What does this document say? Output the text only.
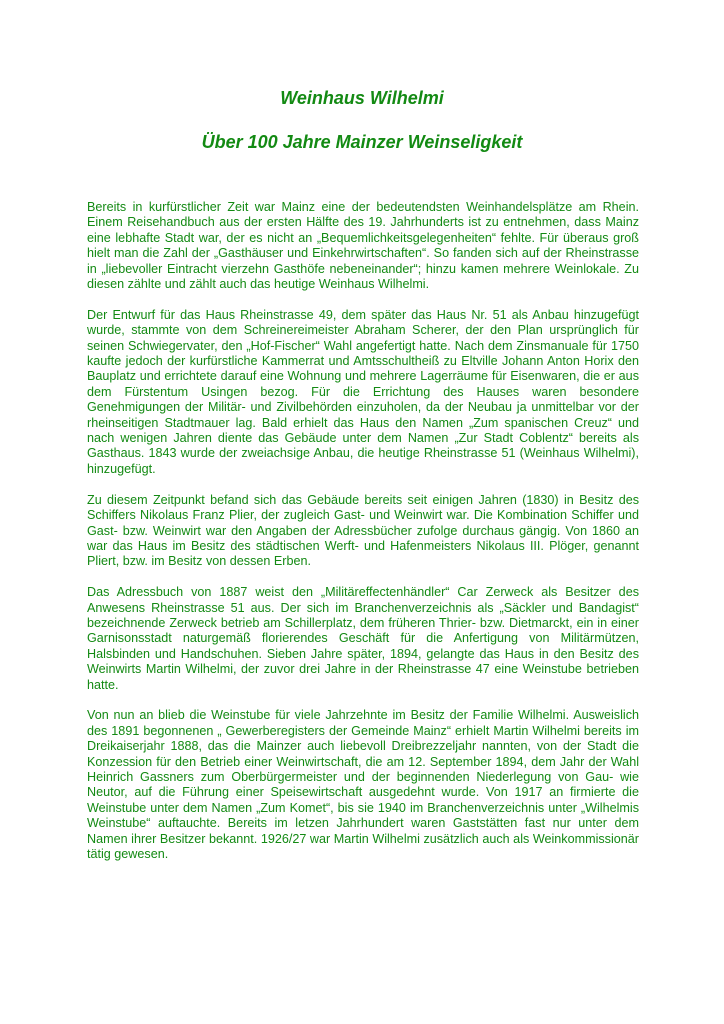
Weinhaus Wilhelmi
Über 100 Jahre Mainzer Weinseligkeit

Bereits in kurfürstlicher Zeit war Mainz eine der bedeutendsten Weinhandelsplätze am Rhein. Einem Reisehandbuch aus der ersten Hälfte des 19. Jahrhunderts ist zu entnehmen, dass Mainz eine lebhafte Stadt war, der es nicht an „Bequemlichkeitsgelegenheiten“ fehlte. Für überaus groß hielt man die Zahl der „Gasthäuser und Einkehrwirtschaften“. So fanden sich auf der Rheinstrasse in „liebevoller Eintracht vierzehn Gasthöfe nebeneinander“; hinzu kamen mehrere Weinlokale. Zu diesen zählte und zählt auch das heutige Weinhaus Wilhelmi.

Der Entwurf für das Haus Rheinstrasse 49, dem später das Haus Nr. 51 als Anbau hinzugefügt wurde, stammte von dem Schreinereimeister Abraham Scherer, der den Plan ursprünglich für seinen Schwiegervater, den „Hof-Fischer“ Wahl angefertigt hatte. Nach dem Zinsmanuale für 1750 kaufte jedoch der kurfürstliche Kammerrat und Amtsschultheiß zu Eltville Johann Anton Horix den Bauplatz und errichtete darauf eine Wohnung und mehrere Lagerräume für Eisenwaren, die er aus dem Fürstentum Usingen bezog. Für die Errichtung des Hauses waren besondere Genehmigungen der Militär- und Zivilbehörden einzuholen, da der Neubau ja unmittelbar vor der rheinseitigen Stadtmauer lag. Bald erhielt das Haus den Namen „Zum spanischen Creuz“ und nach wenigen Jahren diente das Gebäude unter dem Namen „Zur Stadt Coblentz“ bereits als Gasthaus. 1843 wurde der zweiachsige Anbau, die heutige Rheinstrasse 51 (Weinhaus Wilhelmi), hinzugefügt.

Zu diesem Zeitpunkt befand sich das Gebäude bereits seit einigen Jahren (1830) in Besitz des Schiffers Nikolaus Franz Plier, der zugleich Gast- und Weinwirt war. Die Kombination Schiffer und Gast- bzw. Weinwirt war den Angaben der Adressbücher zufolge durchaus gängig. Von 1860 an war das Haus im Besitz des städtischen Werft- und Hafenmeisters Nikolaus III. Plöger, genannt Pliert, bzw. im Besitz von dessen Erben.

Das Adressbuch von 1887 weist den „Militäreffectenhändler“ Car Zerweck als Besitzer des Anwesens Rheinstrasse 51 aus. Der sich im Branchenverzeichnis als „Säckler und Bandagist“ bezeichnende Zerweck betrieb am Schillerplatz, dem früheren Thrier- bzw. Dietmarckt, ein in einer Garnisonsstadt naturgemäß florierendes Geschäft für die Anfertigung von Militärmützen, Halsbinden und Handschuhen. Sieben Jahre später, 1894, gelangte das Haus in den Besitz des Weinwirts Martin Wilhelmi, der zuvor drei Jahre in der Rheinstrasse 47 eine Weinstube betrieben hatte.

Von nun an blieb die Weinstube für viele Jahrzehnte im Besitz der Familie Wilhelmi. Ausweislich des 1891 begonnenen „ Gewerberegisters der Gemeinde Mainz“ erhielt Martin Wilhelmi bereits im Dreikaiserjahr 1888, das die Mainzer auch liebevoll Dreibrezzeljahr nannten, von der Stadt die Konzession für den Betrieb einer Weinwirtschaft, die am 12. September 1894, dem Jahr der Wahl Heinrich Gassners zum Oberbürgermeister und der beginnenden Niederlegung von Gau- wie Neutor, auf die Führung einer Speisewirtschaft ausgedehnt wurde. Von 1917 an firmierte die Weinstube unter dem Namen „Zum Komet“, bis sie 1940 im Branchenverzeichnis unter „Wilhelmis Weinstube“ auftauchte. Bereits im letzen Jahrhundert waren Gaststätten fast nur unter dem Namen ihrer Besitzer bekannt. 1926/27 war Martin Wilhelmi zusätzlich auch als Weinkommissionär tätig gewesen.
